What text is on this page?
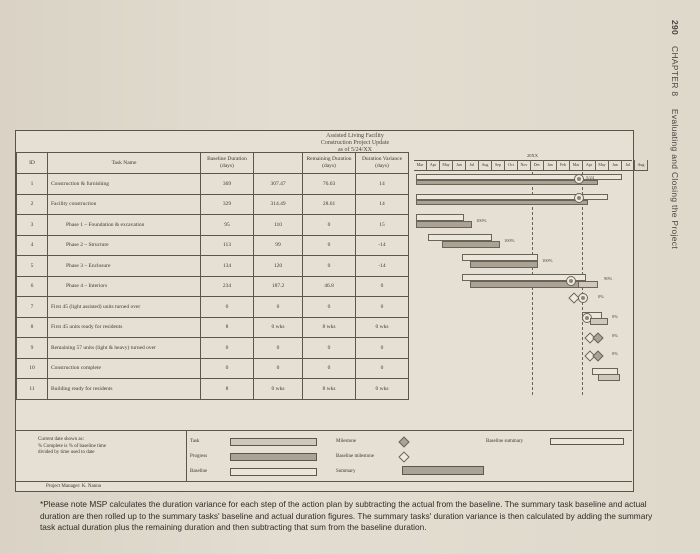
290 CHAPTER 8 Evaluating and Closing the Project
Assisted Living Facility
Construction Project Update
as of 5/24/XX
ID	Task Name	Baseline Duration (days)		Remaining Duration (days)	Duration Variance (days)
1	Construction & furnishing	369	307.47	76.63	14
2	Facility construction	329	314.49	28.61	14
3	Phase 1 – Foundation & excavation	95	110	0	15
4	Phase 2 – Structure	113	99	0	-14
5	Phase 3 – Enclosure	134	120	0	-14
6	Phase 4 – Interiors	234	187.2	46.8	0
7	First 45 (light assisted) units turned over	0	0	0	0
8	First 45 units ready for residents	8	0 wks	8 wks	0 wks
9	Remaining 57 units (light & heavy) turned over	0	0	0	0
10	Construction complete	0	0	0	0
11	Building ready for residents	8	0 wks	8 wks	0 wks
20XX
Mar	Apr	May	Jun	Jul	Aug	Sep	Oct	Nov	Dec	Jan	Feb	Mar	Apr	May	Jun	Jul	Aug
5/24
100%
100%
100%
90%
0%
0%
0%
0%
Current date shown as:
% Complete is % of baseline time
divided by time used to date
Task
Progress
Baseline
Milestone
Baseline milestone
Summary
Baseline summary
Project Manager: K. Nanno
*Please note MSP calculates the duration variance for each step of the action plan by subtracting the actual from the baseline. The summary task baseline and actual duration are then rolled up to the summary tasks' baseline and actual duration figures. The summary tasks' duration variance is then calculated by adding the summary task actual duration plus the remaining duration and then subtracting that sum from the baseline duration.
